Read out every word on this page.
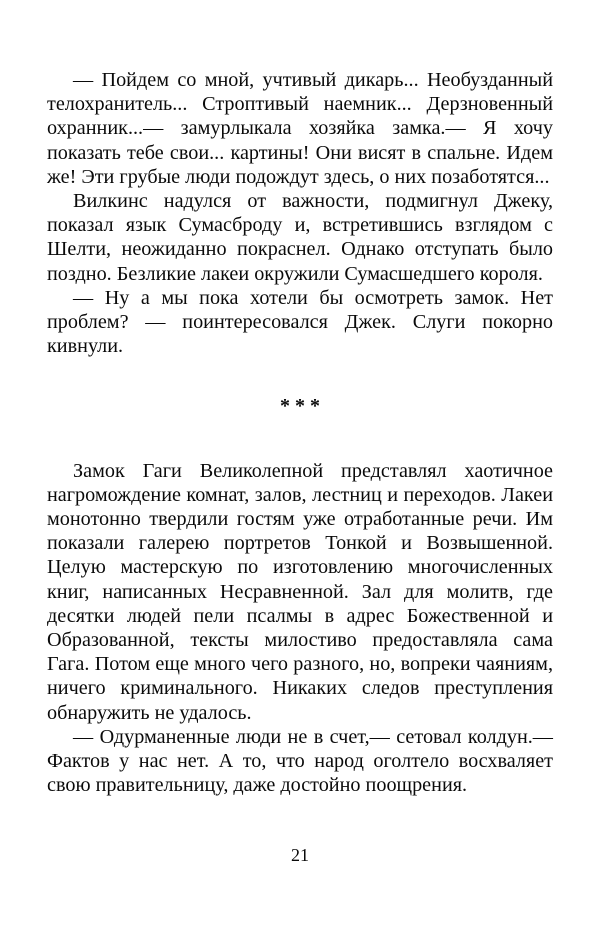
— Пойдем со мной, учтивый дикарь... Необузданный телохранитель... Строптивый наемник... Дерзновенный охранник...— замурлыкала хозяйка замка.— Я хочу показать тебе свои... картины! Они висят в спальне. Идем же! Эти грубые люди подождут здесь, о них позаботятся...

Вилкинс надулся от важности, подмигнул Джеку, показал язык Сумасброду и, встретившись взглядом с Шелти, неожиданно покраснел. Однако отступать было поздно. Безликие лакеи окружили Сумасшедшего короля.

— Ну а мы пока хотели бы осмотреть замок. Нет проблем? — поинтересовался Джек. Слуги покорно кивнули.

***

Замок Гаги Великолепной представлял хаотичное нагромождение комнат, залов, лестниц и переходов. Лакеи монотонно твердили гостям уже отработанные речи. Им показали галерею портретов Тонкой и Возвышенной. Целую мастерскую по изготовлению многочисленных книг, написанных Несравненной. Зал для молитв, где десятки людей пели псалмы в адрес Божественной и Образованной, тексты милостиво предоставляла сама Гага. Потом еще много чего разного, но, вопреки чаяниям, ничего криминального. Никаких следов преступления обнаружить не удалось.

— Одурманенные люди не в счет,— сетовал колдун.— Фактов у нас нет. А то, что народ оголтело восхваляет свою правительницу, даже достойно поощрения.

21
